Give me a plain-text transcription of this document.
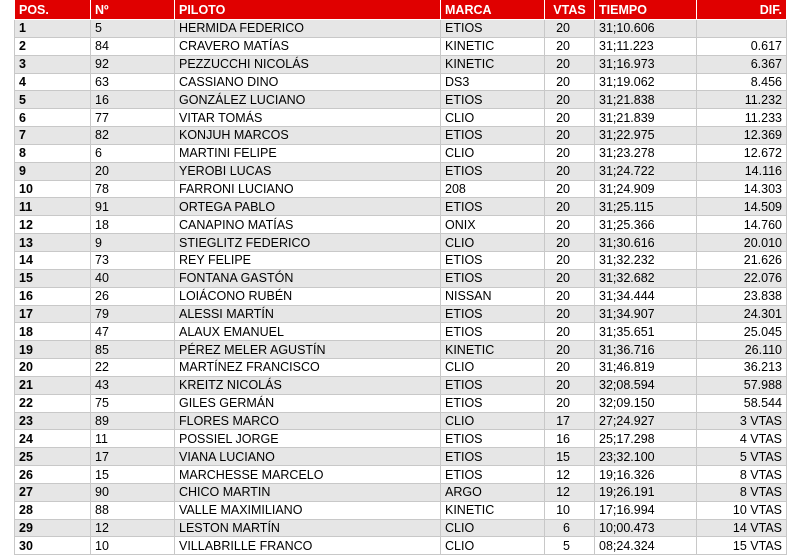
POS.	Nº	PILOTO	MARCA	VTAS	TIEMPO	DIF.
1	5	HERMIDA FEDERICO	ETIOS	20	31;10.606	
2	84	CRAVERO MATÍAS	KINETIC	20	31;11.223	0.617
3	92	PEZZUCCHI NICOLÁS	KINETIC	20	31;16.973	6.367
4	63	CASSIANO DINO	DS3	20	31;19.062	8.456
5	16	GONZÁLEZ LUCIANO	ETIOS	20	31;21.838	11.232
6	77	VITAR TOMÁS	CLIO	20	31;21.839	11.233
7	82	KONJUH MARCOS	ETIOS	20	31;22.975	12.369
8	6	MARTINI FELIPE	CLIO	20	31;23.278	12.672
9	20	YEROBI LUCAS	ETIOS	20	31;24.722	14.116
10	78	FARRONI LUCIANO	208	20	31;24.909	14.303
11	91	ORTEGA PABLO	ETIOS	20	31;25.115	14.509
12	18	CANAPINO MATÍAS	ONIX	20	31;25.366	14.760
13	9	STIEGLITZ FEDERICO	CLIO	20	31;30.616	20.010
14	73	REY FELIPE	ETIOS	20	31;32.232	21.626
15	40	FONTANA GASTÓN	ETIOS	20	31;32.682	22.076
16	26	LOIÁCONO RUBÉN	NISSAN	20	31;34.444	23.838
17	79	ALESSI MARTÍN	ETIOS	20	31;34.907	24.301
18	47	ALAUX EMANUEL	ETIOS	20	31;35.651	25.045
19	85	PÉREZ MELER AGUSTÍN	KINETIC	20	31;36.716	26.110
20	22	MARTÍNEZ FRANCISCO	CLIO	20	31;46.819	36.213
21	43	KREITZ NICOLÁS	ETIOS	20	32;08.594	57.988
22	75	GILES GERMÁN	ETIOS	20	32;09.150	58.544
23	89	FLORES MARCO	CLIO	17	27;24.927	3 VTAS
24	11	POSSIEL JORGE	ETIOS	16	25;17.298	4 VTAS
25	17	VIANA LUCIANO	ETIOS	15	23;32.100	5 VTAS
26	15	MARCHESSE MARCELO	ETIOS	12	19;16.326	8 VTAS
27	90	CHICO MARTIN	ARGO	12	19;26.191	8 VTAS
28	88	VALLE MAXIMILIANO	KINETIC	10	17;16.994	10 VTAS
29	12	LESTON MARTÍN	CLIO	6	10;00.473	14 VTAS
30	10	VILLABRILLE FRANCO	CLIO	5	08;24.324	15 VTAS
